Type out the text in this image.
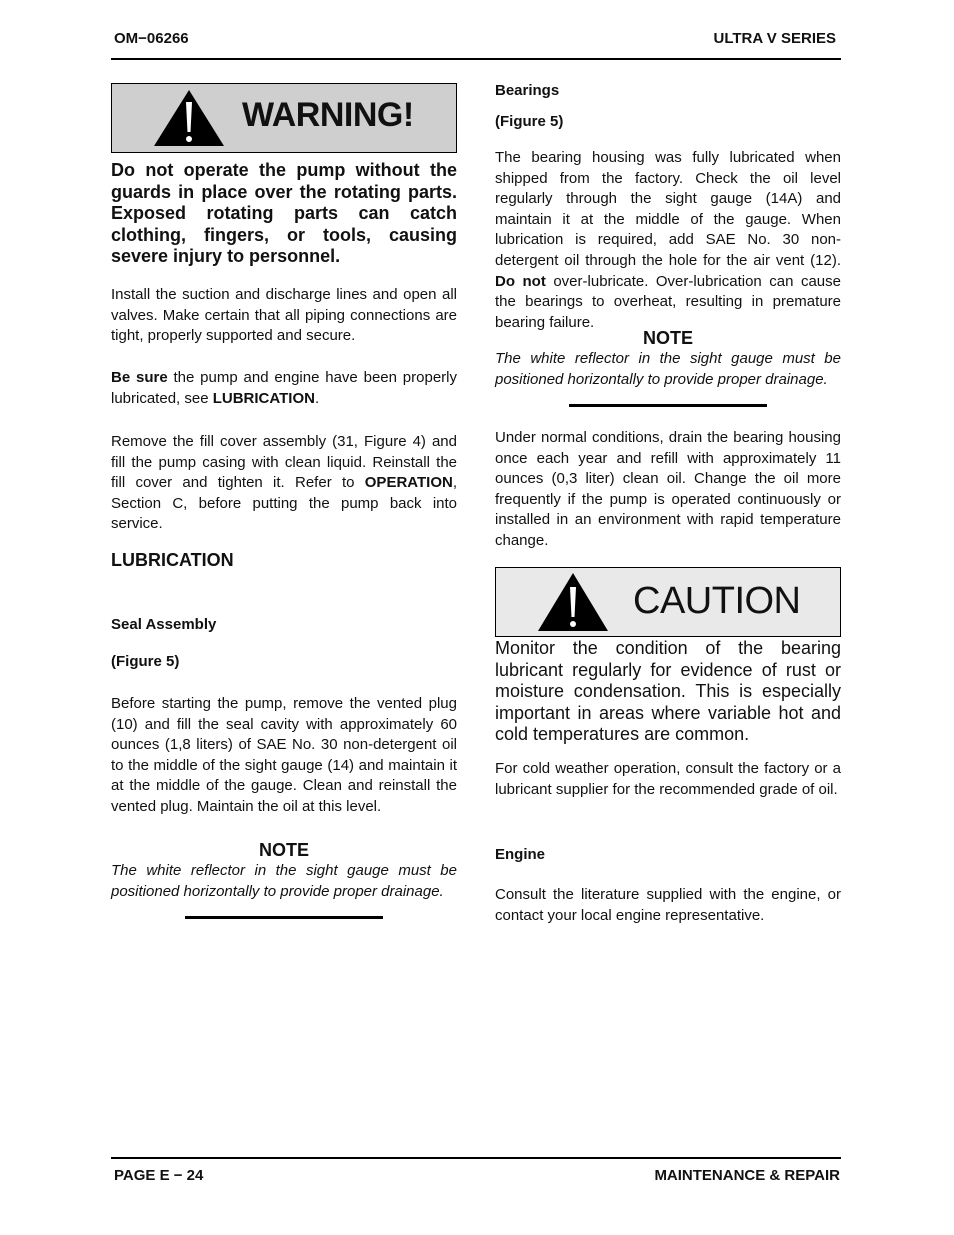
OM−06266	ULTRA V SERIES
WARNING!

Do not operate the pump without the guards in place over the rotating parts. Exposed rotating parts can catch clothing, fingers, or tools, causing severe injury to personnel.

Install the suction and discharge lines and open all valves. Make certain that all piping connections are tight, properly supported and secure.

Be sure the pump and engine have been properly lubricated, see LUBRICATION.

Remove the fill cover assembly (31, Figure 4) and fill the pump casing with clean liquid. Reinstall the fill cover and tighten it. Refer to OPERATION, Section C, before putting the pump back into service.

LUBRICATION
Seal Assembly
(Figure 5)

Before starting the pump, remove the vented plug (10) and fill the seal cavity with approximately 60 ounces (1,8 liters) of SAE No. 30 non-detergent oil to the middle of the sight gauge (14) and maintain it at the middle of the gauge. Clean and reinstall the vented plug. Maintain the oil at this level.

NOTE
The white reflector in the sight gauge must be positioned horizontally to provide proper drainage.
Bearings
(Figure 5)

The bearing housing was fully lubricated when shipped from the factory. Check the oil level regularly through the sight gauge (14A) and maintain it at the middle of the gauge. When lubrication is required, add SAE No. 30 non-detergent oil through the hole for the air vent (12). Do not over-lubricate. Over-lubrication can cause the bearings to overheat, resulting in premature bearing failure.

NOTE
The white reflector in the sight gauge must be positioned horizontally to provide proper drainage.

Under normal conditions, drain the bearing housing once each year and refill with approximately 11 ounces (0,3 liter) clean oil. Change the oil more frequently if the pump is operated continuously or installed in an environment with rapid temperature change.

CAUTION

Monitor the condition of the bearing lubricant regularly for evidence of rust or moisture condensation. This is especially important in areas where variable hot and cold temperatures are common.

For cold weather operation, consult the factory or a lubricant supplier for the recommended grade of oil.

Engine

Consult the literature supplied with the engine, or contact your local engine representative.

PAGE E − 24	MAINTENANCE & REPAIR
